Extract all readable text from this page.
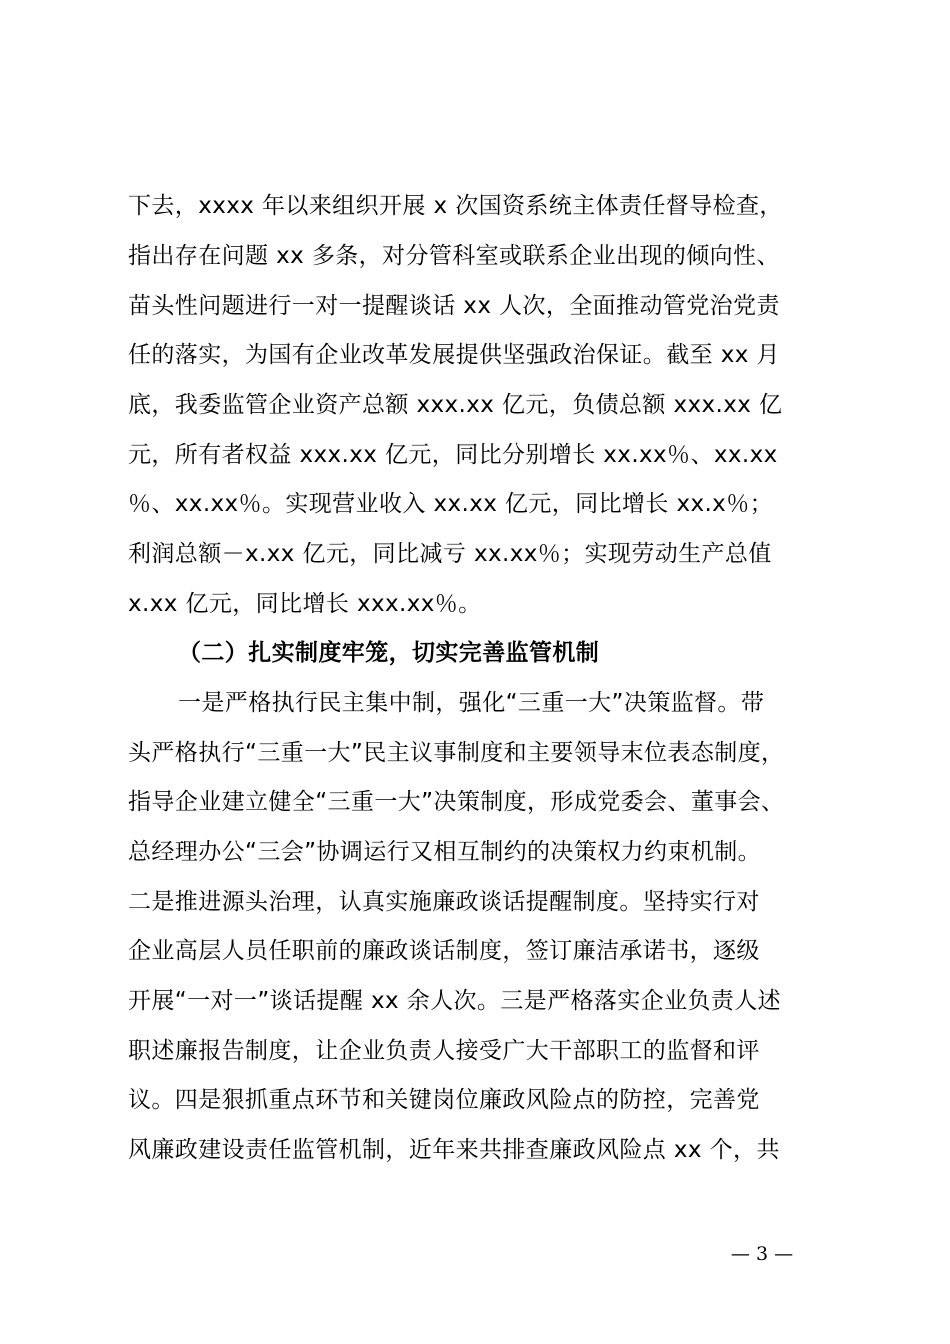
下去，xxxx 年以来组织开展 x 次国资系统主体责任督导检查，
指出存在问题 xx 多条，对分管科室或联系企业出现的倾向性、
苗头性问题进行一对一提醒谈话 xx 人次，全面推动管党治党责
任的落实，为国有企业改革发展提供坚强政治保证。截至 xx 月
底，我委监管企业资产总额 xxx.xx 亿元，负债总额 xxx.xx 亿
元，所有者权益 xxx.xx 亿元，同比分别增长 xx.xx％、xx.xx
％、xx.xx％。实现营业收入 xx.xx 亿元，同比增长 xx.x％；
利润总额－x.xx 亿元，同比减亏 xx.xx％；实现劳动生产总值
x.xx 亿元，同比增长 xxx.xx％。
（二）扎实制度牢笼，切实完善监管机制
一是严格执行民主集中制，强化“三重一大”决策监督。带
头严格执行“三重一大”民主议事制度和主要领导末位表态制度，
指导企业建立健全“三重一大”决策制度，形成党委会、董事会、
总经理办公“三会”协调运行又相互制约的决策权力约束机制。
二是推进源头治理，认真实施廉政谈话提醒制度。坚持实行对
企业高层人员任职前的廉政谈话制度，签订廉洁承诺书，逐级
开展“一对一”谈话提醒 xx 余人次。三是严格落实企业负责人述
职述廉报告制度，让企业负责人接受广大干部职工的监督和评
议。四是狠抓重点环节和关键岗位廉政风险点的防控，完善党
风廉政建设责任监管机制，近年来共排查廉政风险点 xx 个，共
— 3 —
